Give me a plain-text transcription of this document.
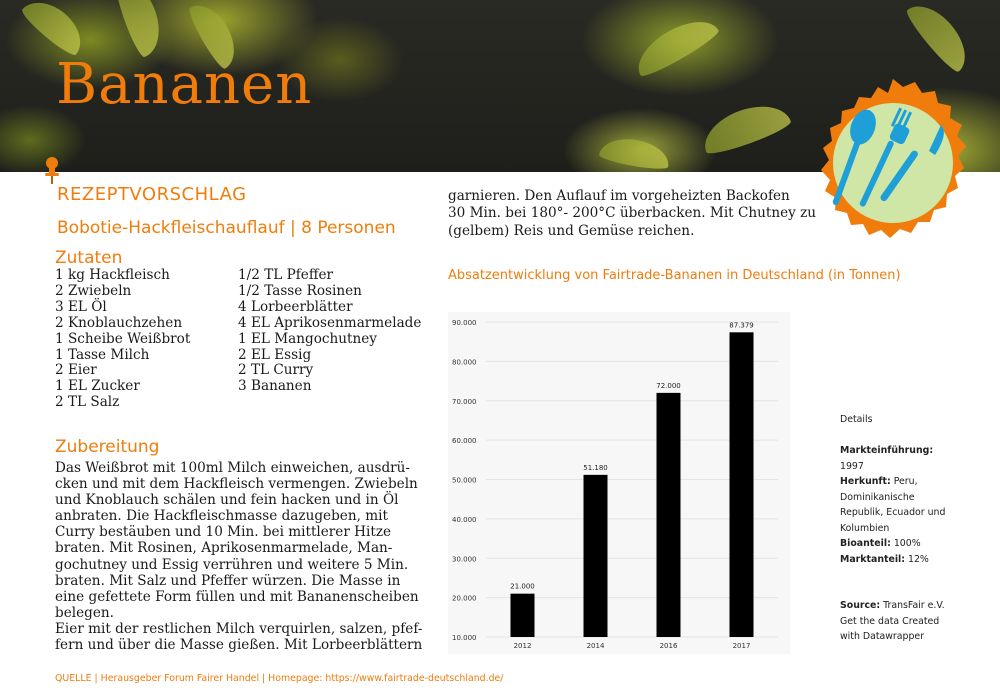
Bananen
REZEPTVORSCHLAG
Bobotie-Hackfleischauflauf | 8 Personen
Zutaten
1 kg Hackfleisch
2 Zwiebeln
3 EL Öl
2 Knoblauchzehen
1 Scheibe Weißbrot
1 Tasse Milch
2 Eier
1 EL Zucker
2 TL Salz
1/2 TL Pfeffer
1/2 Tasse Rosinen
4 Lorbeerblätter
4 EL Aprikosenmarmelade
1 EL Mangochutney
2 EL Essig
2 TL Curry
3 Bananen
Zubereitung
Das Weißbrot mit 100ml Milch einweichen, ausdrü-
cken und mit dem Hackfleisch vermengen. Zwiebeln
und Knoblauch schälen und fein hacken und in Öl
anbraten. Die Hackfleischmasse dazugeben, mit
Curry bestäuben und 10 Min. bei mittlerer Hitze
braten. Mit Rosinen, Aprikosenmarmelade, Man-
gochutney und Essig verrühren und weitere 5 Min.
braten. Mit Salz und Pfeffer würzen. Die Masse in
eine gefettete Form füllen und mit Bananenscheiben
belegen.
Eier mit der restlichen Milch verquirlen, salzen, pfef-
fern und über die Masse gießen. Mit Lorbeerblättern
garnieren. Den Auflauf im vorgeheizten Backofen
30 Min. bei 180°- 200°C überbacken. Mit Chutney zu
(gelbem) Reis und Gemüse reichen.
Absatzentwicklung von Fairtrade-Bananen in Deutschland (in Tonnen)
10.000
20.000
30.000
40.000
50.000
60.000
70.000
80.000
90.000
21.000
2012
51.180
2014
72.000
2016
87.379
2017
Details
Markteinführung:
1997
Herkunft: Peru,
Dominikanische
Republik, Ecuador und
Kolumbien
Bioanteil: 100%
Marktanteil: 12%
Source: TransFair e.V.
Get the data Created
with Datawrapper
QUELLE | Herausgeber Forum Fairer Handel | Homepage: https://www.fairtrade-deutschland.de/
